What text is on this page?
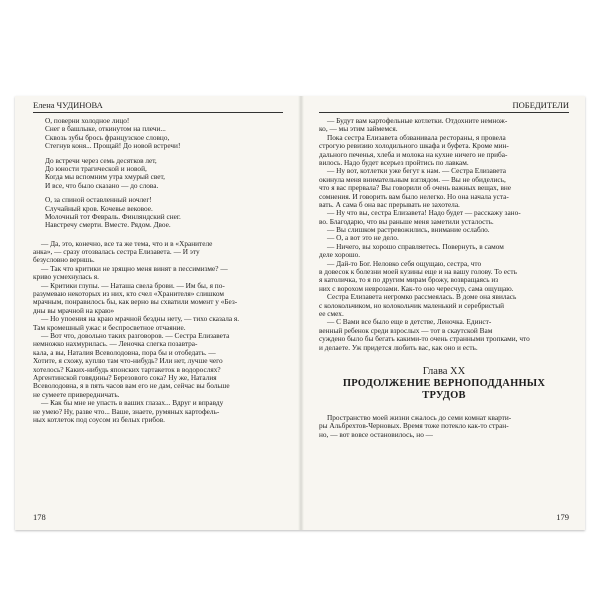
Елена ЧУДИНОВА
О, поверни холодное лицо!
Снег в башлыке, откинутом на плечи...
Сквозь зубы брось французское словцо,
Стегнув коня... Прощай! До новой встречи!
До встречи через семь десятков лет,
До юности трагической и новой,
Когда мы вспомним утра хмурый свет,
И все, что было сказано — до слова.
О, за спиной оставленный ночлег!
Случайный кров. Кочевье вековое.
Молочный тот Февраль. Финляндский снег.
Навстречу смерти. Вместе. Рядом. Двое.
— Да, это, конечно, все та же тема, что и в «Хранителе
анка», — сразу отозвалась сестра Елизавета. — И эту
безусловно верншь.
— Так что критики не зрящно меня винят в пессимизме? —
криво усмехнулась я.
— Критики глупы. — Наташа свела брови. — Им бы, я по-
разумеваю некоторых из них, кто счел «Хранителя» слишком
мрачным, понравилось бы, как верно вы схватили момент у «Без-
дны вы мрачной на краю»
— Но упоения на краю мрачной бездны нету, — тихо сказала я.
Там кромешный ужас и беспросветное отчаяние.
— Вот что, довольно таких разговоров. — Сестра Елизавета
немножко нахмурилась. — Леночка слегка позавтра-
кала, а вы, Наталия Всеволодовна, пора бы и отобедать. —
Хотите, я схожу, куплю там что-нибудь? Или нет, лучше чего
хотелось? Каких-нибудь японских тартакеток в водорослях?
Аргентинской говядины? Березового сока? Ну же, Наталия
Всеволодовна, я в пять часов вам его не дам, сейчас вы больше
не сумеете привередничать.
— Как бы мне не упасть в ваших глазах... Вдруг и вправду
не умею? Ну, разве что... Ваше, знаете, румяных картофель-
ных котлеток под соусом из белых грибов.
178
ПОБЕДИТЕЛИ
— Будут вам картофельные котлетки. Отдохните немнож-
ко, — мы этим займемся.
Пока сестра Елизавета обзванивала рестораны, я провела
строгую ревизию холодильного шкафа и буфета. Кроме мин-
дального печенья, хлеба и молока на кухне ничего не приба-
вилось. Надо будет всерьез пройтись по лавкам.
— Ну вот, котлетки уже бегут к нам. — Сестра Елизавета
окинула меня внимательным взглядом. — Вы не обиделись,
что я вас прервала? Вы говорили об очень важных вещах, вне
сомнения. И говорить вам было нелегко. Но она начала уста-
вать. А сама б она вас прерывать не захотела.
— Ну что вы, сестра Елизавета! Надо будет — расскажу зано-
во. Благодарю, что вы раньше меня заметили усталость.
— Вы слишком растревожились, внимание ослабло.
— О, а вот это не дело.
— Ничего, вы хорошо справляетесь. Повернуть, в самом
деле хорошо.
— Дай-то Бог. Неловко себя ощущаю, сестра, что
в довесок к болезни моей кузины еще и на вашу голову. То есть
я католичка, то я по другим мирам брожу, возвращаясь из
них с ворохом неврозами. Как-то оно чересчур, сама ощущаю.
Сестра Елизавета негромко рассмеялась. В доме она явилась
с колокольчиком, но колокольчик маленький и серебристый
ее смех.
— С Вами все было еще в детстве, Леночка. Единст-
венный ребенок среди взрослых — тот в скаутской Вам
суждено было бы бегать какими-то очень странными тропками, что
и делаете. Уж придется любить вас, как оно и есть.
Глава XX
ПРОДОЛЖЕНИЕ ВЕРНОПОДДАННЫХ
ТРУДОВ
Пространство моей жизни сжалось до семи комнат кварти-
ры Альбрехтов-Черновых. Время тоже потекло как-то стран-
но, — вот вовсе остановилось, но —
179
